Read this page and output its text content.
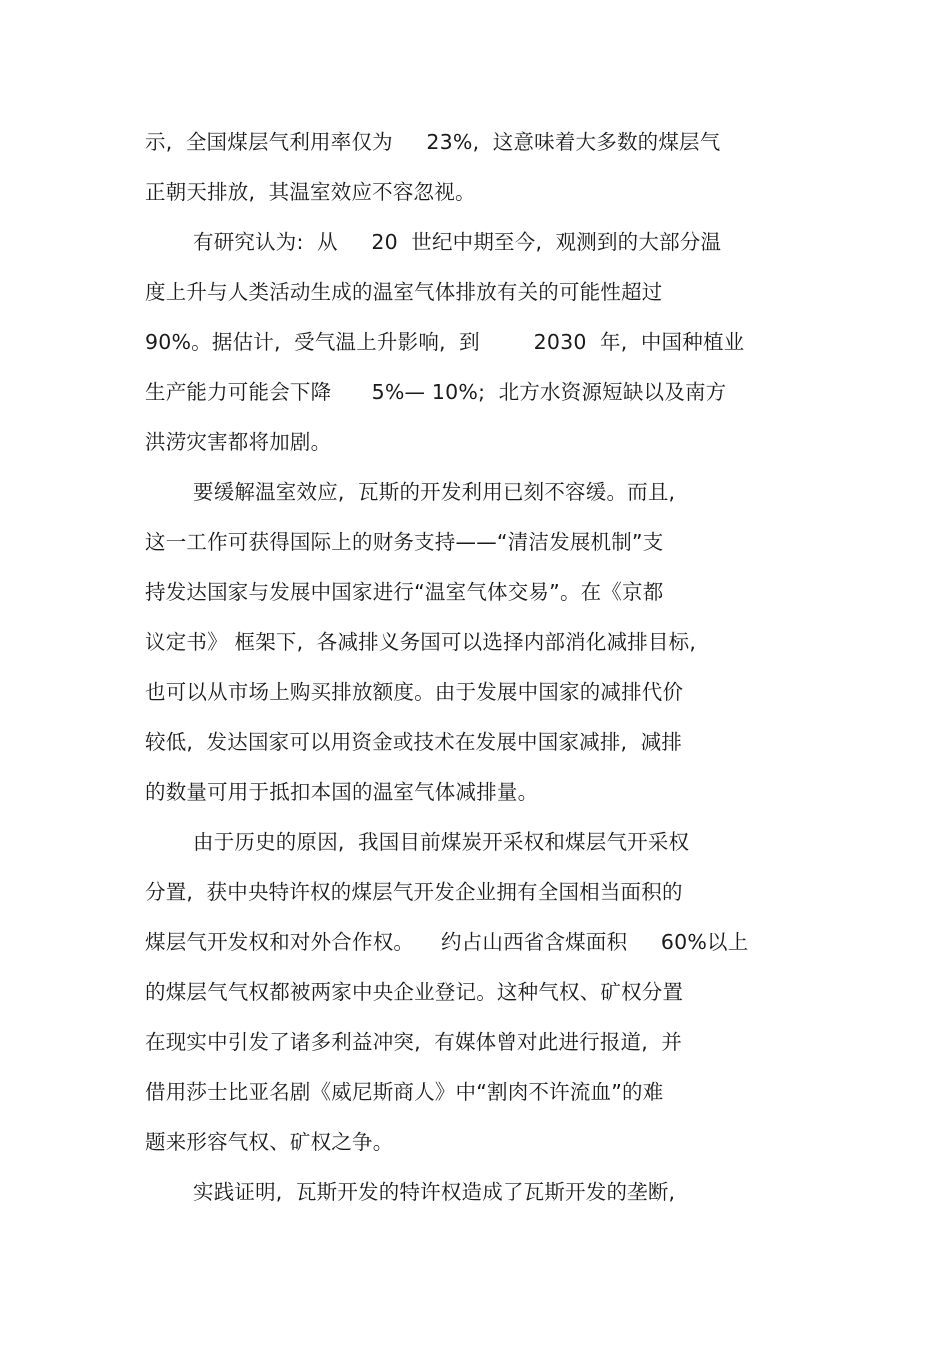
示,  全国煤层气利用率仅为     23%,  这意味着大多数的煤层气
正朝天排放,  其温室效应不容忽视。
有研究认为:  从     20  世纪中期至今,  观测到的大部分温
度上升与人类活动生成的温室气体排放有关的可能性超过
90%。据估计,  受气温上升影响,  到        2030  年,  中国种植业
生产能力可能会下降      5%— 10%;  北方水资源短缺以及南方
洪涝灾害都将加剧。
要缓解温室效应,  瓦斯的开发利用已刻不容缓。而且,
这一工作可获得国际上的财务支持——“清洁发展机制”支
持发达国家与发展中国家进行“温室气体交易”。在《京都
议定书》 框架下,  各减排义务国可以选择内部消化减排目标,
也可以从市场上购买排放额度。由于发展中国家的减排代价
较低,  发达国家可以用资金或技术在发展中国家减排,  减排
的数量可用于抵扣本国的温室气体减排量。
由于历史的原因,  我国目前煤炭开采权和煤层气开采权
分置,  获中央特许权的煤层气开发企业拥有全国相当面积的
煤层气开发权和对外合作权。    约占山西省含煤面积     60%以上
的煤层气气权都被两家中央企业登记。这种气权、矿权分置
在现实中引发了诸多利益冲突,  有媒体曾对此进行报道,  并
借用莎士比亚名剧《威尼斯商人》中“割肉不许流血”的难
题来形容气权、矿权之争。
实践证明,  瓦斯开发的特许权造成了瓦斯开发的垄断,
